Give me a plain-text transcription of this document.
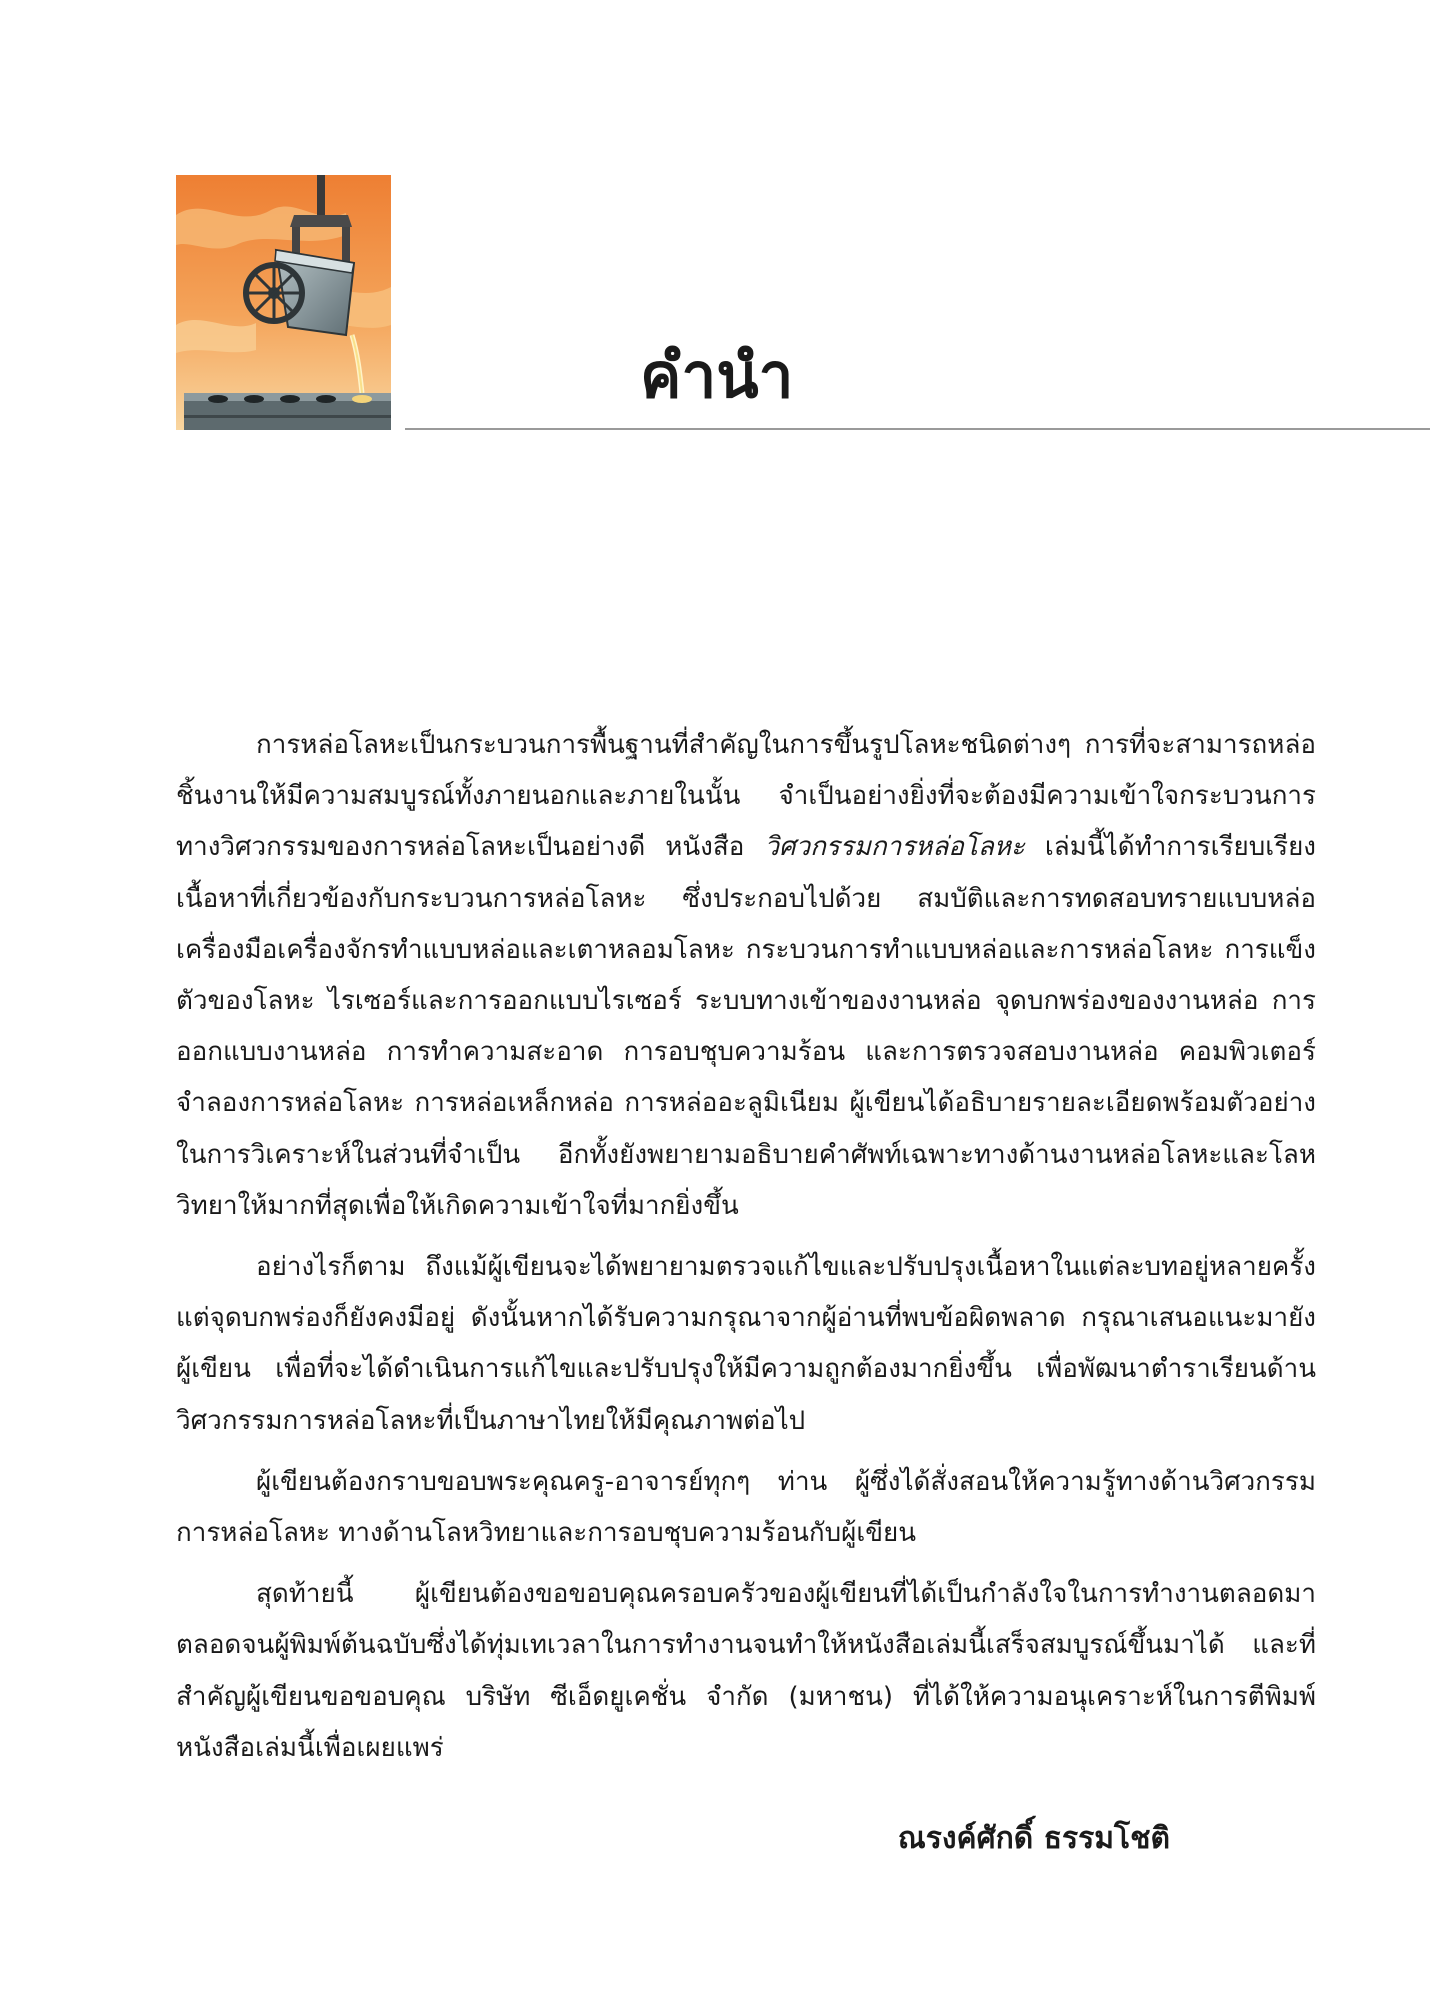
คำนำ

การหล่อโลหะเป็นกระบวนการพื้นฐานที่สำคัญในการขึ้นรูปโลหะชนิดต่างๆ การที่จะสามารถหล่อชิ้นงานให้มีความสมบูรณ์ทั้งภายนอกและภายในนั้น จำเป็นอย่างยิ่งที่จะต้องมีความเข้าใจกระบวนการทางวิศวกรรมของการหล่อโลหะเป็นอย่างดี หนังสือ วิศวกรรมการหล่อโลหะ เล่มนี้ได้ทำการเรียบเรียงเนื้อหาที่เกี่ยวข้องกับกระบวนการหล่อโลหะ ซึ่งประกอบไปด้วย สมบัติและการทดสอบทรายแบบหล่อ เครื่องมือเครื่องจักรทำแบบหล่อและเตาหลอมโลหะ กระบวนการทำแบบหล่อและการหล่อโลหะ การแข็งตัวของโลหะ ไรเซอร์และการออกแบบไรเซอร์ ระบบทางเข้าของงานหล่อ จุดบกพร่องของงานหล่อ การออกแบบงานหล่อ การทำความสะอาด การอบชุบความร้อน และการตรวจสอบงานหล่อ คอมพิวเตอร์จำลองการหล่อโลหะ การหล่อเหล็กหล่อ การหล่ออะลูมิเนียม ผู้เขียนได้อธิบายรายละเอียดพร้อมตัวอย่างในการวิเคราะห์ในส่วนที่จำเป็น อีกทั้งยังพยายามอธิบายคำศัพท์เฉพาะทางด้านงานหล่อโลหะและโลหวิทยาให้มากที่สุดเพื่อให้เกิดความเข้าใจที่มากยิ่งขึ้น

อย่างไรก็ตาม ถึงแม้ผู้เขียนจะได้พยายามตรวจแก้ไขและปรับปรุงเนื้อหาในแต่ละบทอยู่หลายครั้ง แต่จุดบกพร่องก็ยังคงมีอยู่ ดังนั้นหากได้รับความกรุณาจากผู้อ่านที่พบข้อผิดพลาด กรุณาเสนอแนะมายังผู้เขียน เพื่อที่จะได้ดำเนินการแก้ไขและปรับปรุงให้มีความถูกต้องมากยิ่งขึ้น เพื่อพัฒนาตำราเรียนด้านวิศวกรรมการหล่อโลหะที่เป็นภาษาไทยให้มีคุณภาพต่อไป

ผู้เขียนต้องกราบขอบพระคุณครู-อาจารย์ทุกๆ ท่าน ผู้ซึ่งได้สั่งสอนให้ความรู้ทางด้านวิศวกรรมการหล่อโลหะ ทางด้านโลหวิทยาและการอบชุบความร้อนกับผู้เขียน

สุดท้ายนี้ ผู้เขียนต้องขอขอบคุณครอบครัวของผู้เขียนที่ได้เป็นกำลังใจในการทำงานตลอดมา ตลอดจนผู้พิมพ์ต้นฉบับซึ่งได้ทุ่มเทเวลาในการทำงานจนทำให้หนังสือเล่มนี้เสร็จสมบูรณ์ขึ้นมาได้ และที่สำคัญผู้เขียนขอขอบคุณ บริษัท ซีเอ็ดยูเคชั่น จำกัด (มหาชน) ที่ได้ให้ความอนุเคราะห์ในการตีพิมพ์หนังสือเล่มนี้เพื่อเผยแพร่

ณรงค์ศักดิ์ ธรรมโชติ
